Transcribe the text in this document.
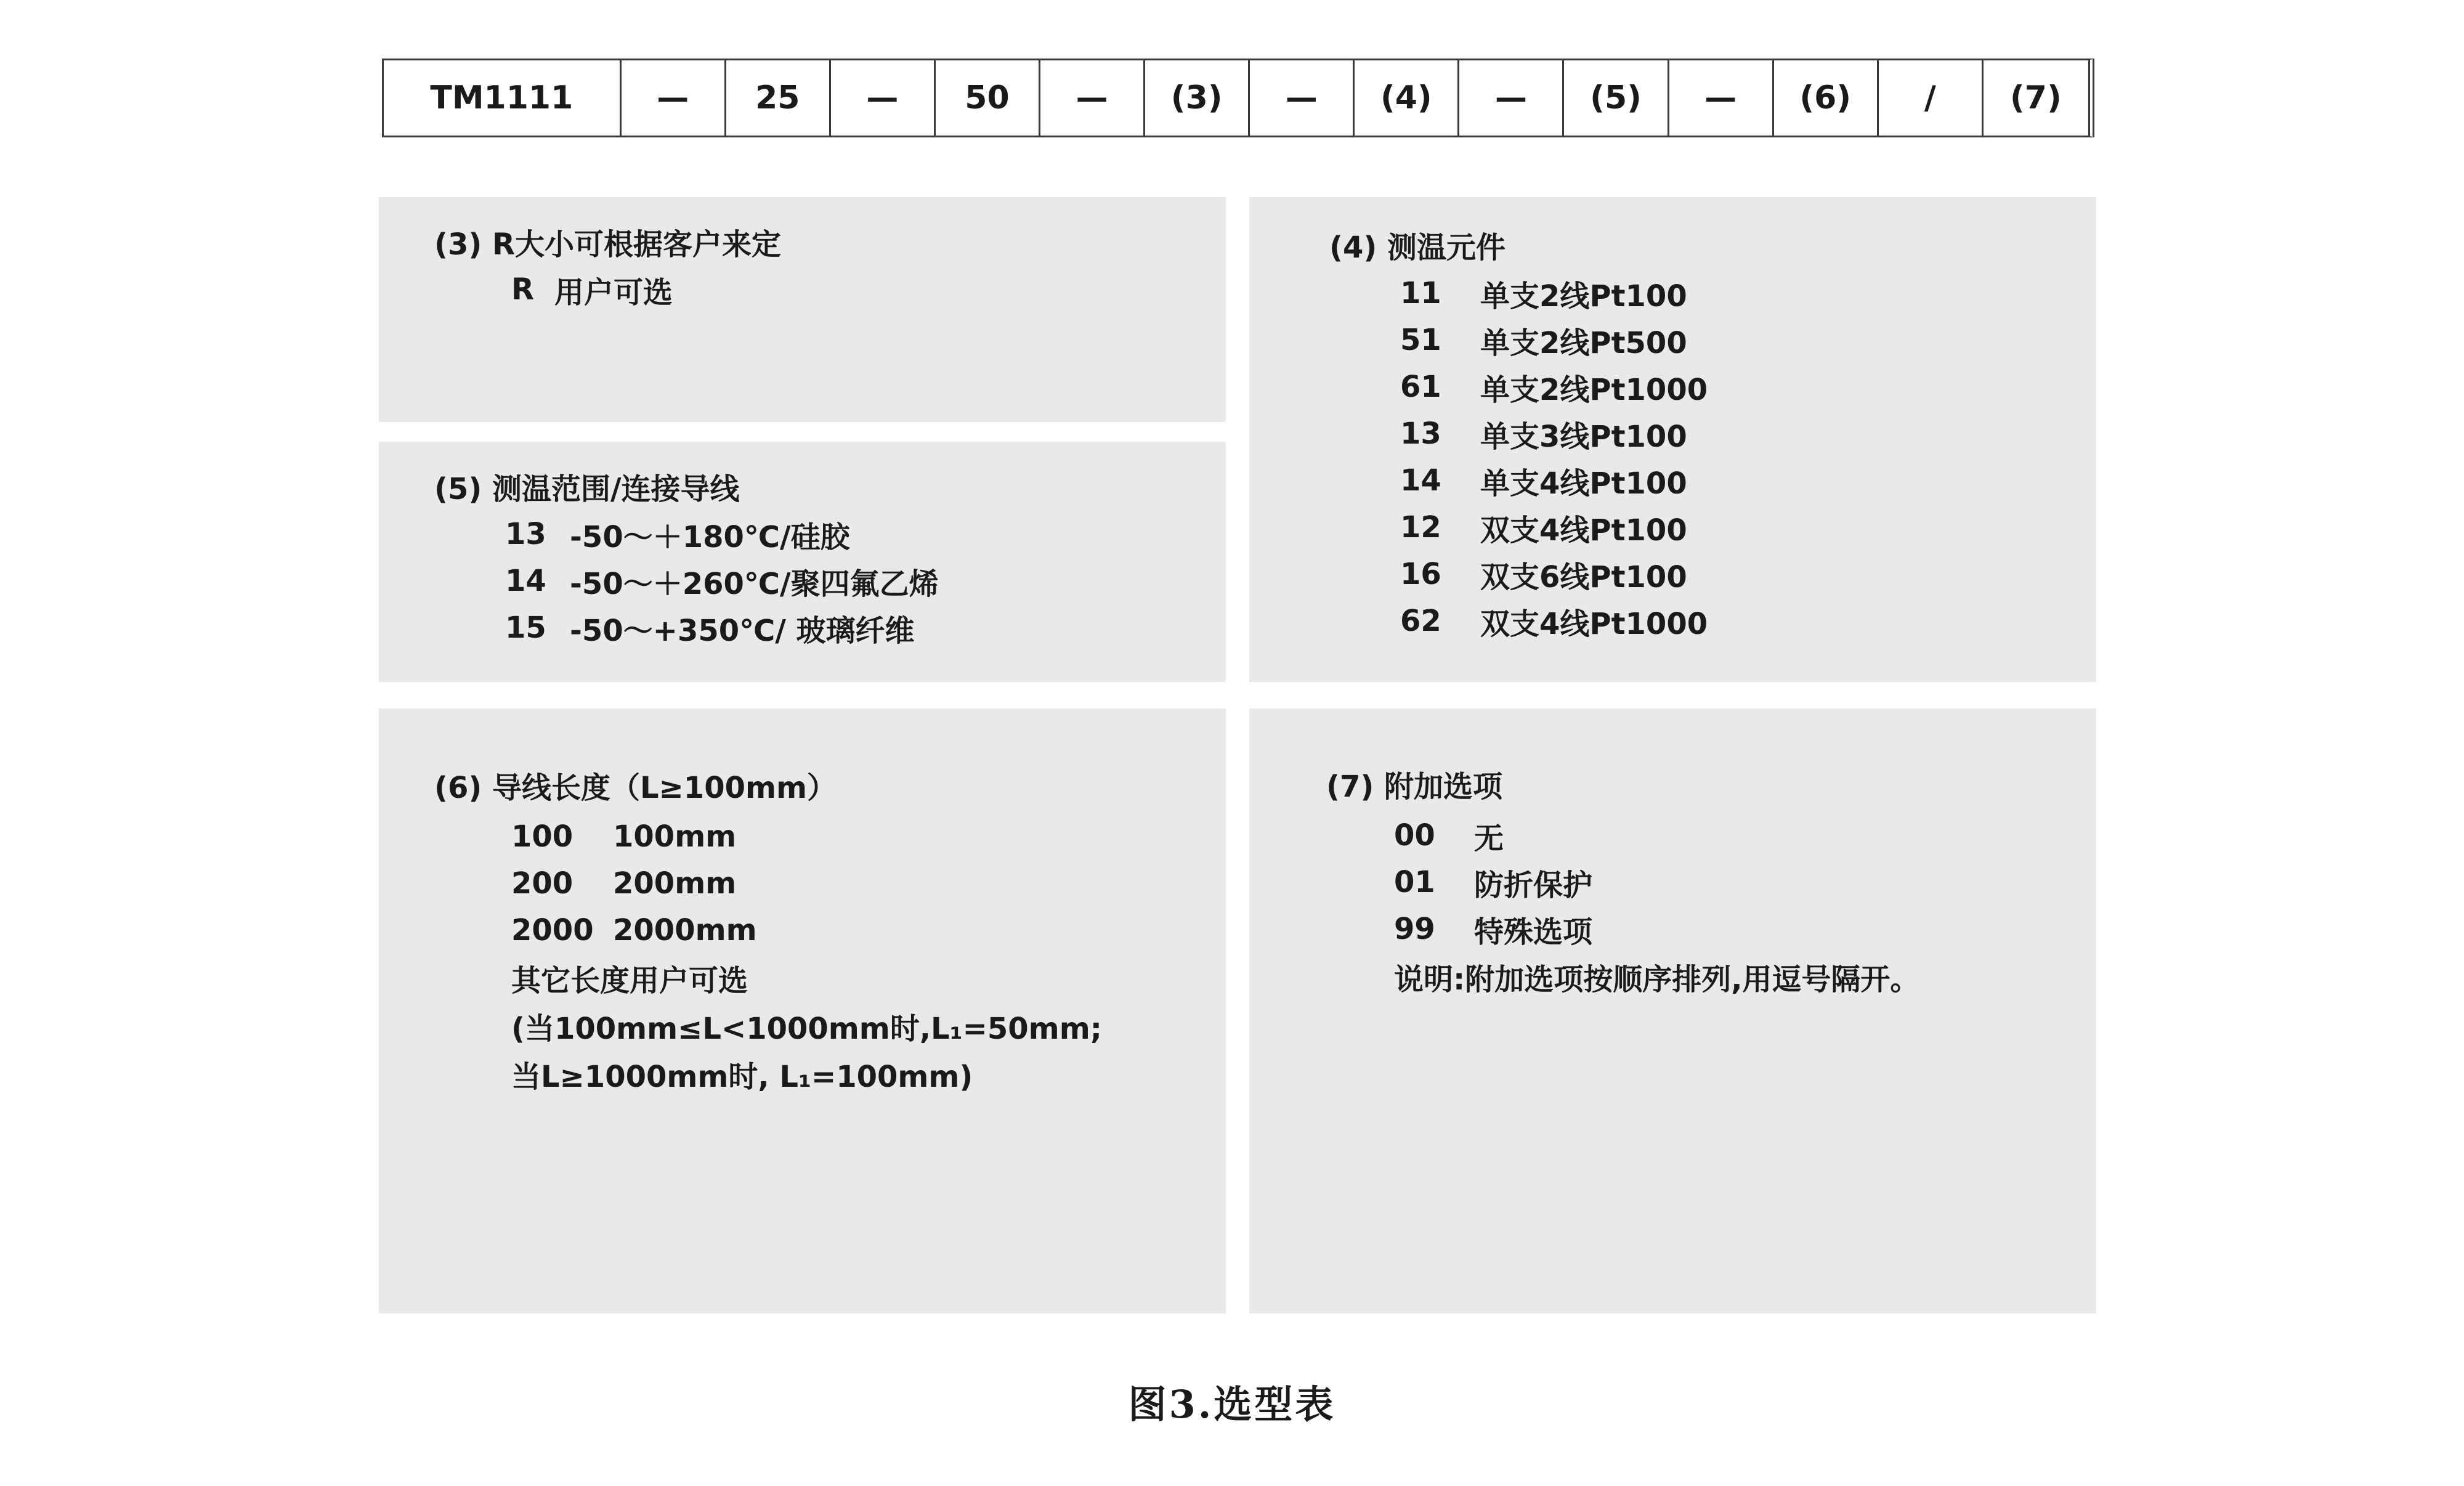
TM1111	—	25	—	50	—	(3)	—	(4)	—	(5)	—	(6)	/	(7)
(3) R大小可根据客户来定
R 用户可选
(5) 测温范围/连接导线
13 -50～＋180℃/硅胶
14 -50～＋260℃/聚四氟乙烯
15 -50～+350℃/ 玻璃纤维
(4) 测温元件
11	单支2线Pt100
51	单支2线Pt500
61	单支2线Pt1000
13	单支3线Pt100
14	单支4线Pt100
12	双支4线Pt100
16	双支6线Pt100
62	双支4线Pt1000
(6) 导线长度（L≥100mm）
100	100mm
200	200mm
2000 2000mm
其它长度用户可选
(当100mm≤L<1000mm时,L₁=50mm;
当L≥1000mm时, L₁=100mm)
(7) 附加选项
00	无
01	防折保护
99	特殊选项
说明:附加选项按顺序排列,用逗号隔开。
图3.选型表
